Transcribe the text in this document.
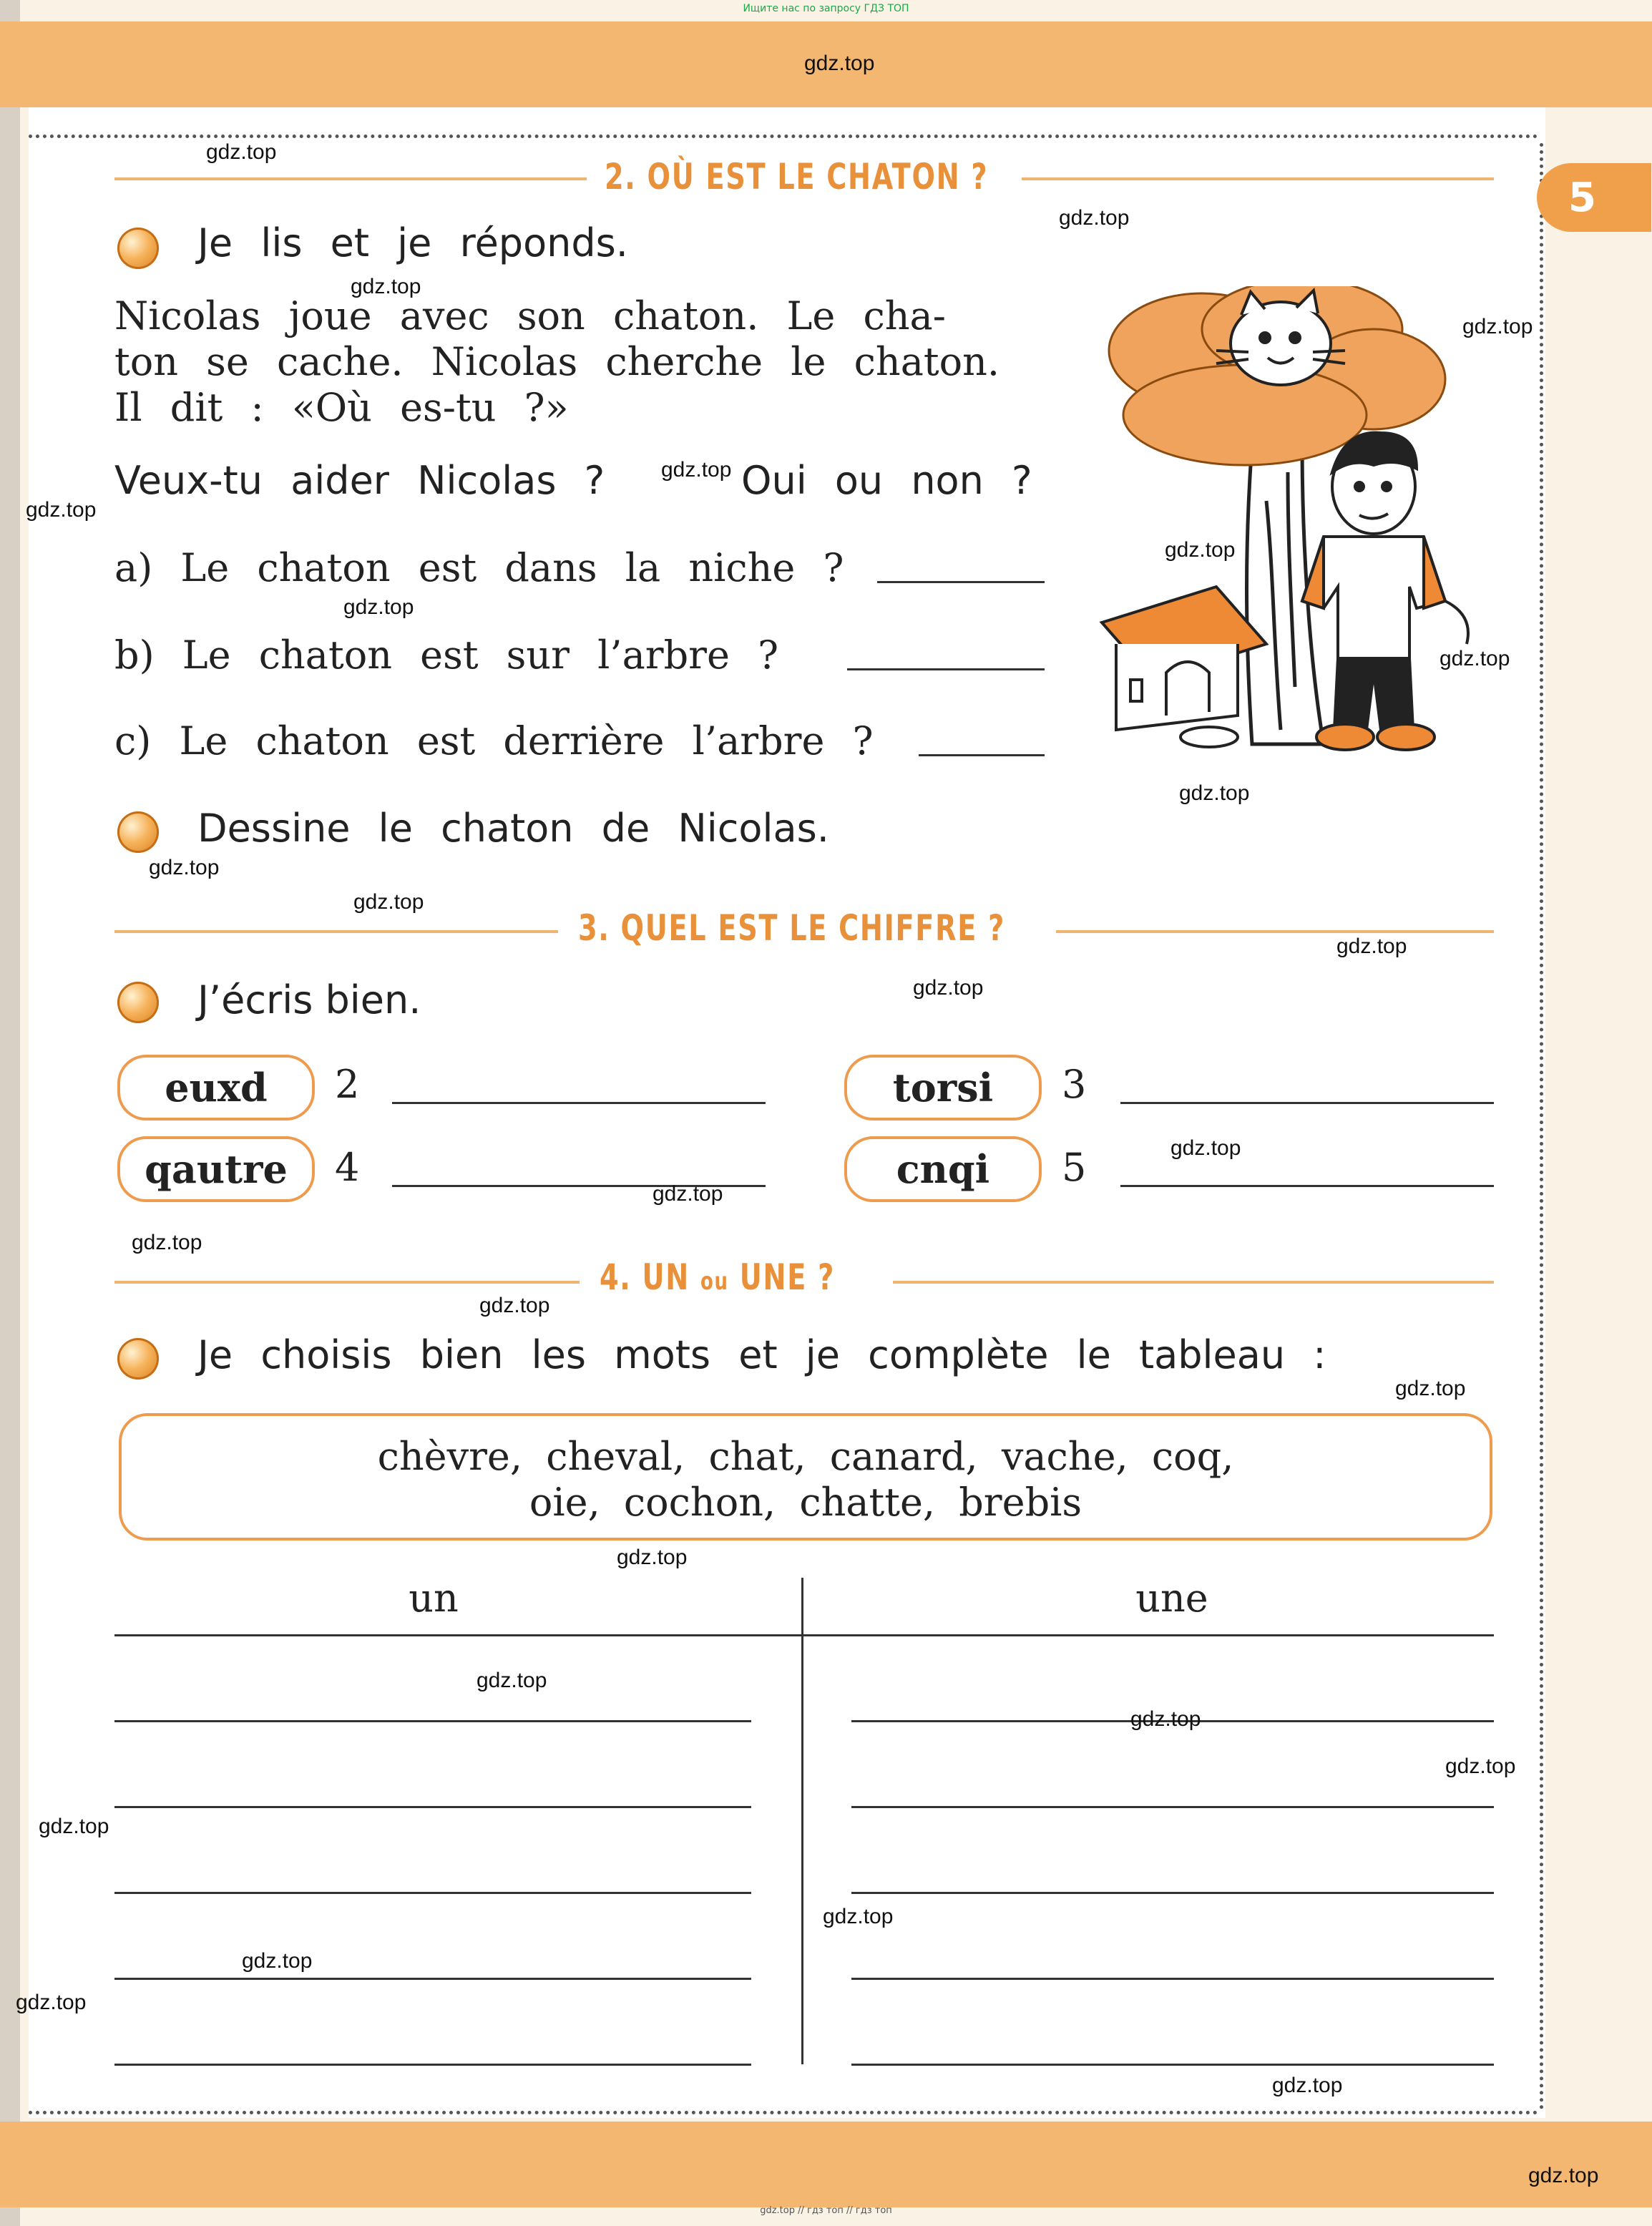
5
Ищите нас по запросу ГДЗ ТОП
gdz.top // гдз топ // гдз топ
2. OÙ EST LE CHATON ?
Je lis et je réponds.
Nicolas joue avec son chaton. Le cha-
ton se cache. Nicolas cherche le chaton.
Il dit : «Où es-tu ?»
Veux-tu aider Nicolas ?	Oui ou non ?
a) Le chaton est dans la niche ?
b) Le chaton est sur l’arbre ?
c) Le chaton est derrière l’arbre ?
Dessine le chaton de Nicolas.
3. QUEL EST LE CHIFFRE ?
J’écris bien.
euxd	2	torsi	3
qautre	4	cnqi	5
4. UN ou UNE ?
Je choisis bien les mots et je complète le tableau :
chèvre, cheval, chat, canard, vache, coq,
oie, cochon, chatte, brebis
un	une
gdz.top
gdz.top
gdz.top
gdz.top
gdz.top
gdz.top
gdz.top
gdz.top
gdz.top
gdz.top
gdz.top
gdz.top
gdz.top
gdz.top
gdz.top
gdz.top
gdz.top
gdz.top
gdz.top
gdz.top
gdz.top
gdz.top
gdz.top
gdz.top
gdz.top
gdz.top
gdz.top
gdz.top
gdz.top
gdz.top
